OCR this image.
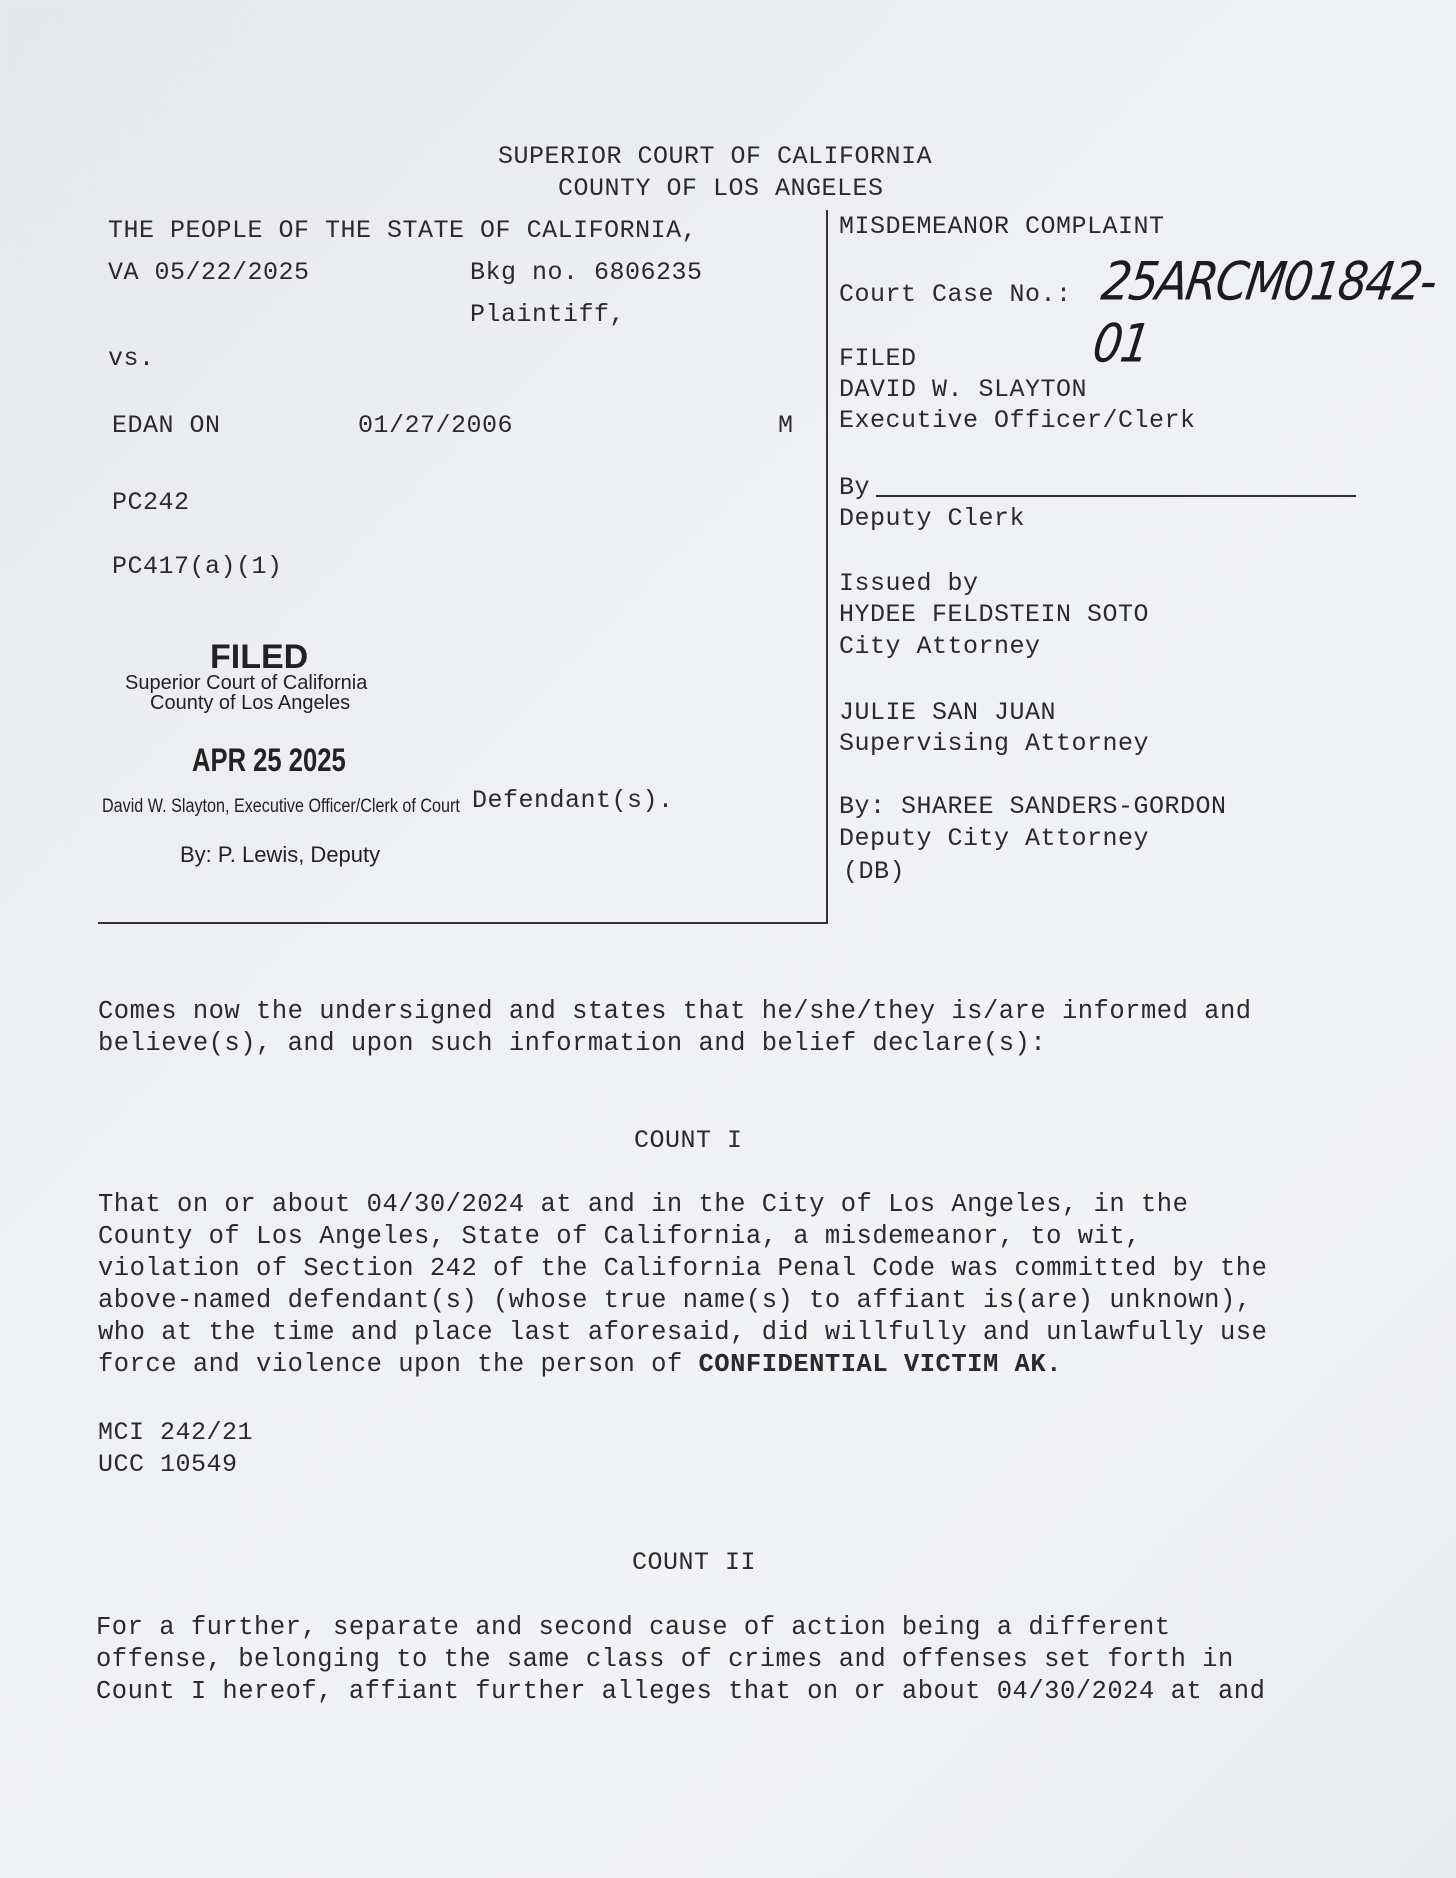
SUPERIOR COURT OF CALIFORNIA
COUNTY OF LOS ANGELES
THE PEOPLE OF THE STATE OF CALIFORNIA,
VA 05/22/2025	Bkg no. 6806235
Plaintiff,
vs.
EDAN ON	01/27/2006	M
PC242
PC417(a)(1)
Defendant(s).
FILED
Superior Court of California
County of Los Angeles
APR 25 2025
David W. Slayton, Executive Officer/Clerk of Court
By: P. Lewis, Deputy
MISDEMEANOR COMPLAINT
Court Case No.: 25ARCM01842-01
FILED
DAVID W. SLAYTON
Executive Officer/Clerk
By
Deputy Clerk
Issued by
HYDEE FELDSTEIN SOTO
City Attorney
JULIE SAN JUAN
Supervising Attorney
By: SHAREE SANDERS-GORDON
Deputy City Attorney
(DB)
Comes now the undersigned and states that he/she/they is/are informed and
believe(s), and upon such information and belief declare(s):
COUNT I
That on or about 04/30/2024 at and in the City of Los Angeles, in the
County of Los Angeles, State of California, a misdemeanor, to wit,
violation of Section 242 of the California Penal Code was committed by the
above-named defendant(s) (whose true name(s) to affiant is(are) unknown),
who at the time and place last aforesaid, did willfully and unlawfully use
force and violence upon the person of CONFIDENTIAL VICTIM AK.
MCI 242/21
UCC 10549
COUNT II
For a further, separate and second cause of action being a different
offense, belonging to the same class of crimes and offenses set forth in
Count I hereof, affiant further alleges that on or about 04/30/2024 at and
